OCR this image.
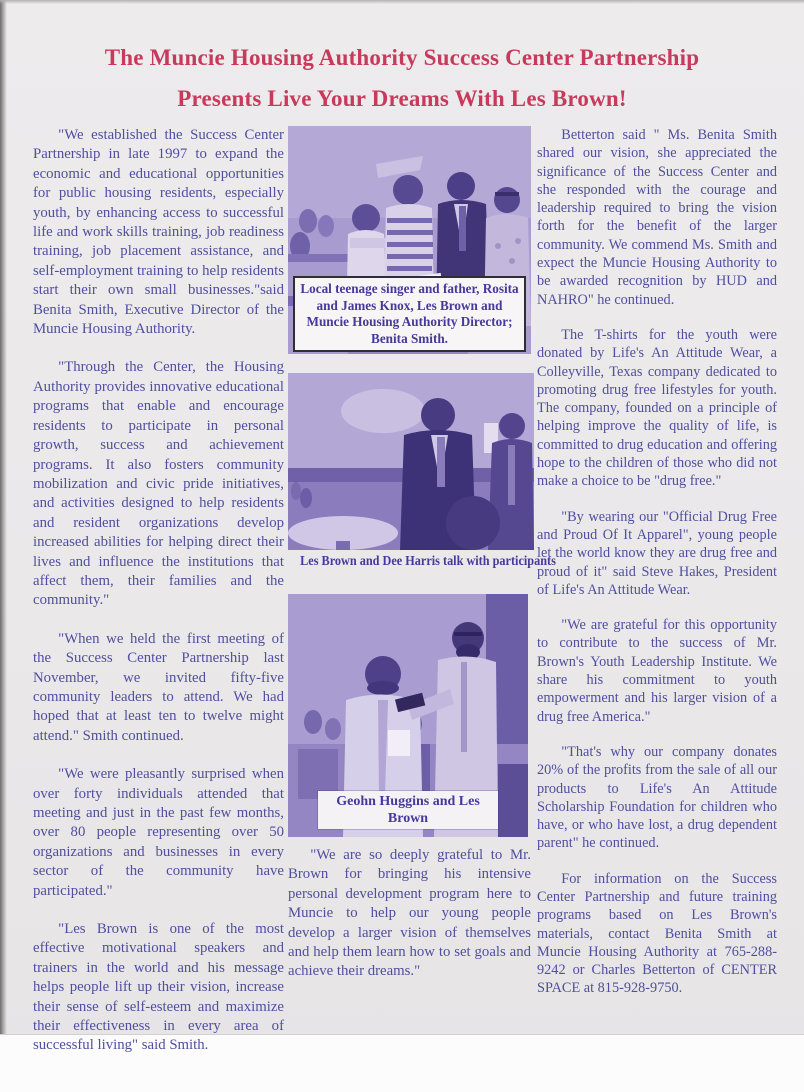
The Muncie Housing Authority Success Center Partnership
Presents Live Your Dreams With Les Brown!

"We established the Success Center Partnership in late 1997 to expand the economic and educational opportunities for public housing residents, especially youth, by enhancing access to successful life and work skills training, job readiness training, job placement assistance, and self-employment training to help residents start their own small businesses."said Benita Smith, Executive Director of the Muncie Housing Authority.

"Through the Center, the Housing Authority provides innovative educational programs that enable and encourage residents to participate in personal growth, success and achievement programs. It also fosters community mobilization and civic pride initiatives, and activities designed to help residents and resident organizations develop increased abilities for helping direct their lives and influence the institutions that affect them, their families and the community."

"When we held the first meeting of the Success Center Partnership last November, we invited fifty-five community leaders to attend. We had hoped that at least ten to twelve might attend." Smith continued.

"We were pleasantly surprised when over forty individuals attended that meeting and just in the past few months, over 80 people representing over 50 organizations and businesses in every sector of the community have participated."

"Les Brown is one of the most effective motivational speakers and trainers in the world and his message helps people lift up their vision, increase their sense of self-esteem and maximize their effectiveness in every area of successful living" said Smith.

Local teenage singer and father, Rosita and James Knox, Les Brown and Muncie Housing Authority Director; Benita Smith.
Les Brown and Dee Harris talk with participants
Geohn Huggins and Les Brown

"We are so deeply grateful to Mr. Brown for bringing his intensive personal development program here to Muncie to help our young people develop a larger vision of themselves and help them learn how to set goals and achieve their dreams."

Betterton said " Ms. Benita Smith shared our vision, she appreciated the significance of the Success Center and she responded with the courage and leadership required to bring the vision forth for the benefit of the larger community. We commend Ms. Smith and expect the Muncie Housing Authority to be awarded recognition by HUD and NAHRO" he continued.

The T-shirts for the youth were donated by Life's An Attitude Wear, a Colleyville, Texas company dedicated to promoting drug free lifestyles for youth. The company, founded on a principle of helping improve the quality of life, is committed to drug education and offering hope to the children of those who did not make a choice to be "drug free."

"By wearing our "Official Drug Free and Proud Of It Apparel", young people let the world know they are drug free and proud of it" said Steve Hakes, President of Life's An Attitude Wear.

"We are grateful for this opportunity to contribute to the success of Mr. Brown's Youth Leadership Institute. We share his commitment to youth empowerment and his larger vision of a drug free America."

"That's why our company donates 20% of the profits from the sale of all our products to Life's An Attitude Scholarship Foundation for children who have, or who have lost, a drug dependent parent" he continued.

For information on the Success Center Partnership and future training programs based on Les Brown's materials, contact Benita Smith at Muncie Housing Authority at 765-288-9242 or Charles Betterton of CENTER SPACE at 815-928-9750.
